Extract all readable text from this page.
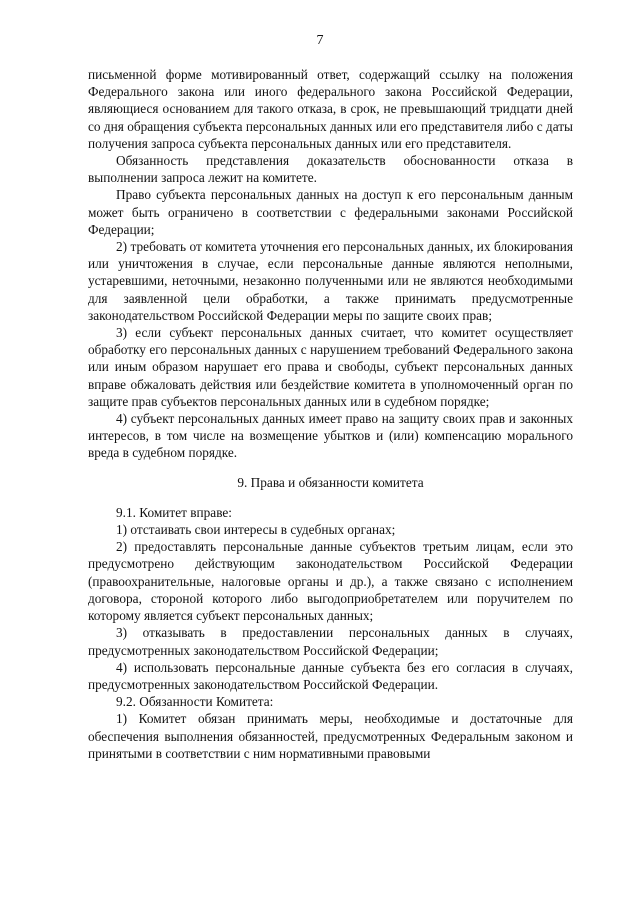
7

письменной форме мотивированный ответ, содержащий ссылку на положения Федерального закона или иного федерального закона Российской Федерации, являющиеся основанием для такого отказа, в срок, не превышающий тридцати дней со дня обращения субъекта персональных данных или его представителя либо с даты получения запроса субъекта персональных данных или его представителя.

Обязанность представления доказательств обоснованности отказа в выполнении запроса лежит на комитете.

Право субъекта персональных данных на доступ к его персональным данным может быть ограничено в соответствии с федеральными законами Российской Федерации;

2) требовать от комитета уточнения его персональных данных, их блокирования или уничтожения в случае, если персональные данные являются неполными, устаревшими, неточными, незаконно полученными или не являются необходимыми для заявленной цели обработки, а также принимать предусмотренные законодательством Российской Федерации меры по защите своих прав;

3) если субъект персональных данных считает, что комитет осуществляет обработку его персональных данных с нарушением требований Федерального закона или иным образом нарушает его права и свободы, субъект персональных данных вправе обжаловать действия или бездействие комитета в уполномоченный орган по защите прав субъектов персональных данных или в судебном порядке;

4) субъект персональных данных имеет право на защиту своих прав и законных интересов, в том числе на возмещение убытков и (или) компенсацию морального вреда в судебном порядке.

9. Права и обязанности комитета

9.1. Комитет вправе:

1) отстаивать свои интересы в судебных органах;

2) предоставлять персональные данные субъектов третьим лицам, если это предусмотрено действующим законодательством Российской Федерации (правоохранительные, налоговые органы и др.), а также связано с исполнением договора, стороной которого либо выгодоприобретателем или поручителем по которому является субъект персональных данных;

3) отказывать в предоставлении персональных данных в случаях, предусмотренных законодательством Российской Федерации;

4) использовать персональные данные субъекта без его согласия в случаях, предусмотренных законодательством Российской Федерации.

9.2. Обязанности Комитета:

1) Комитет обязан принимать меры, необходимые и достаточные для обеспечения выполнения обязанностей, предусмотренных Федеральным законом и принятыми в соответствии с ним нормативными правовыми
